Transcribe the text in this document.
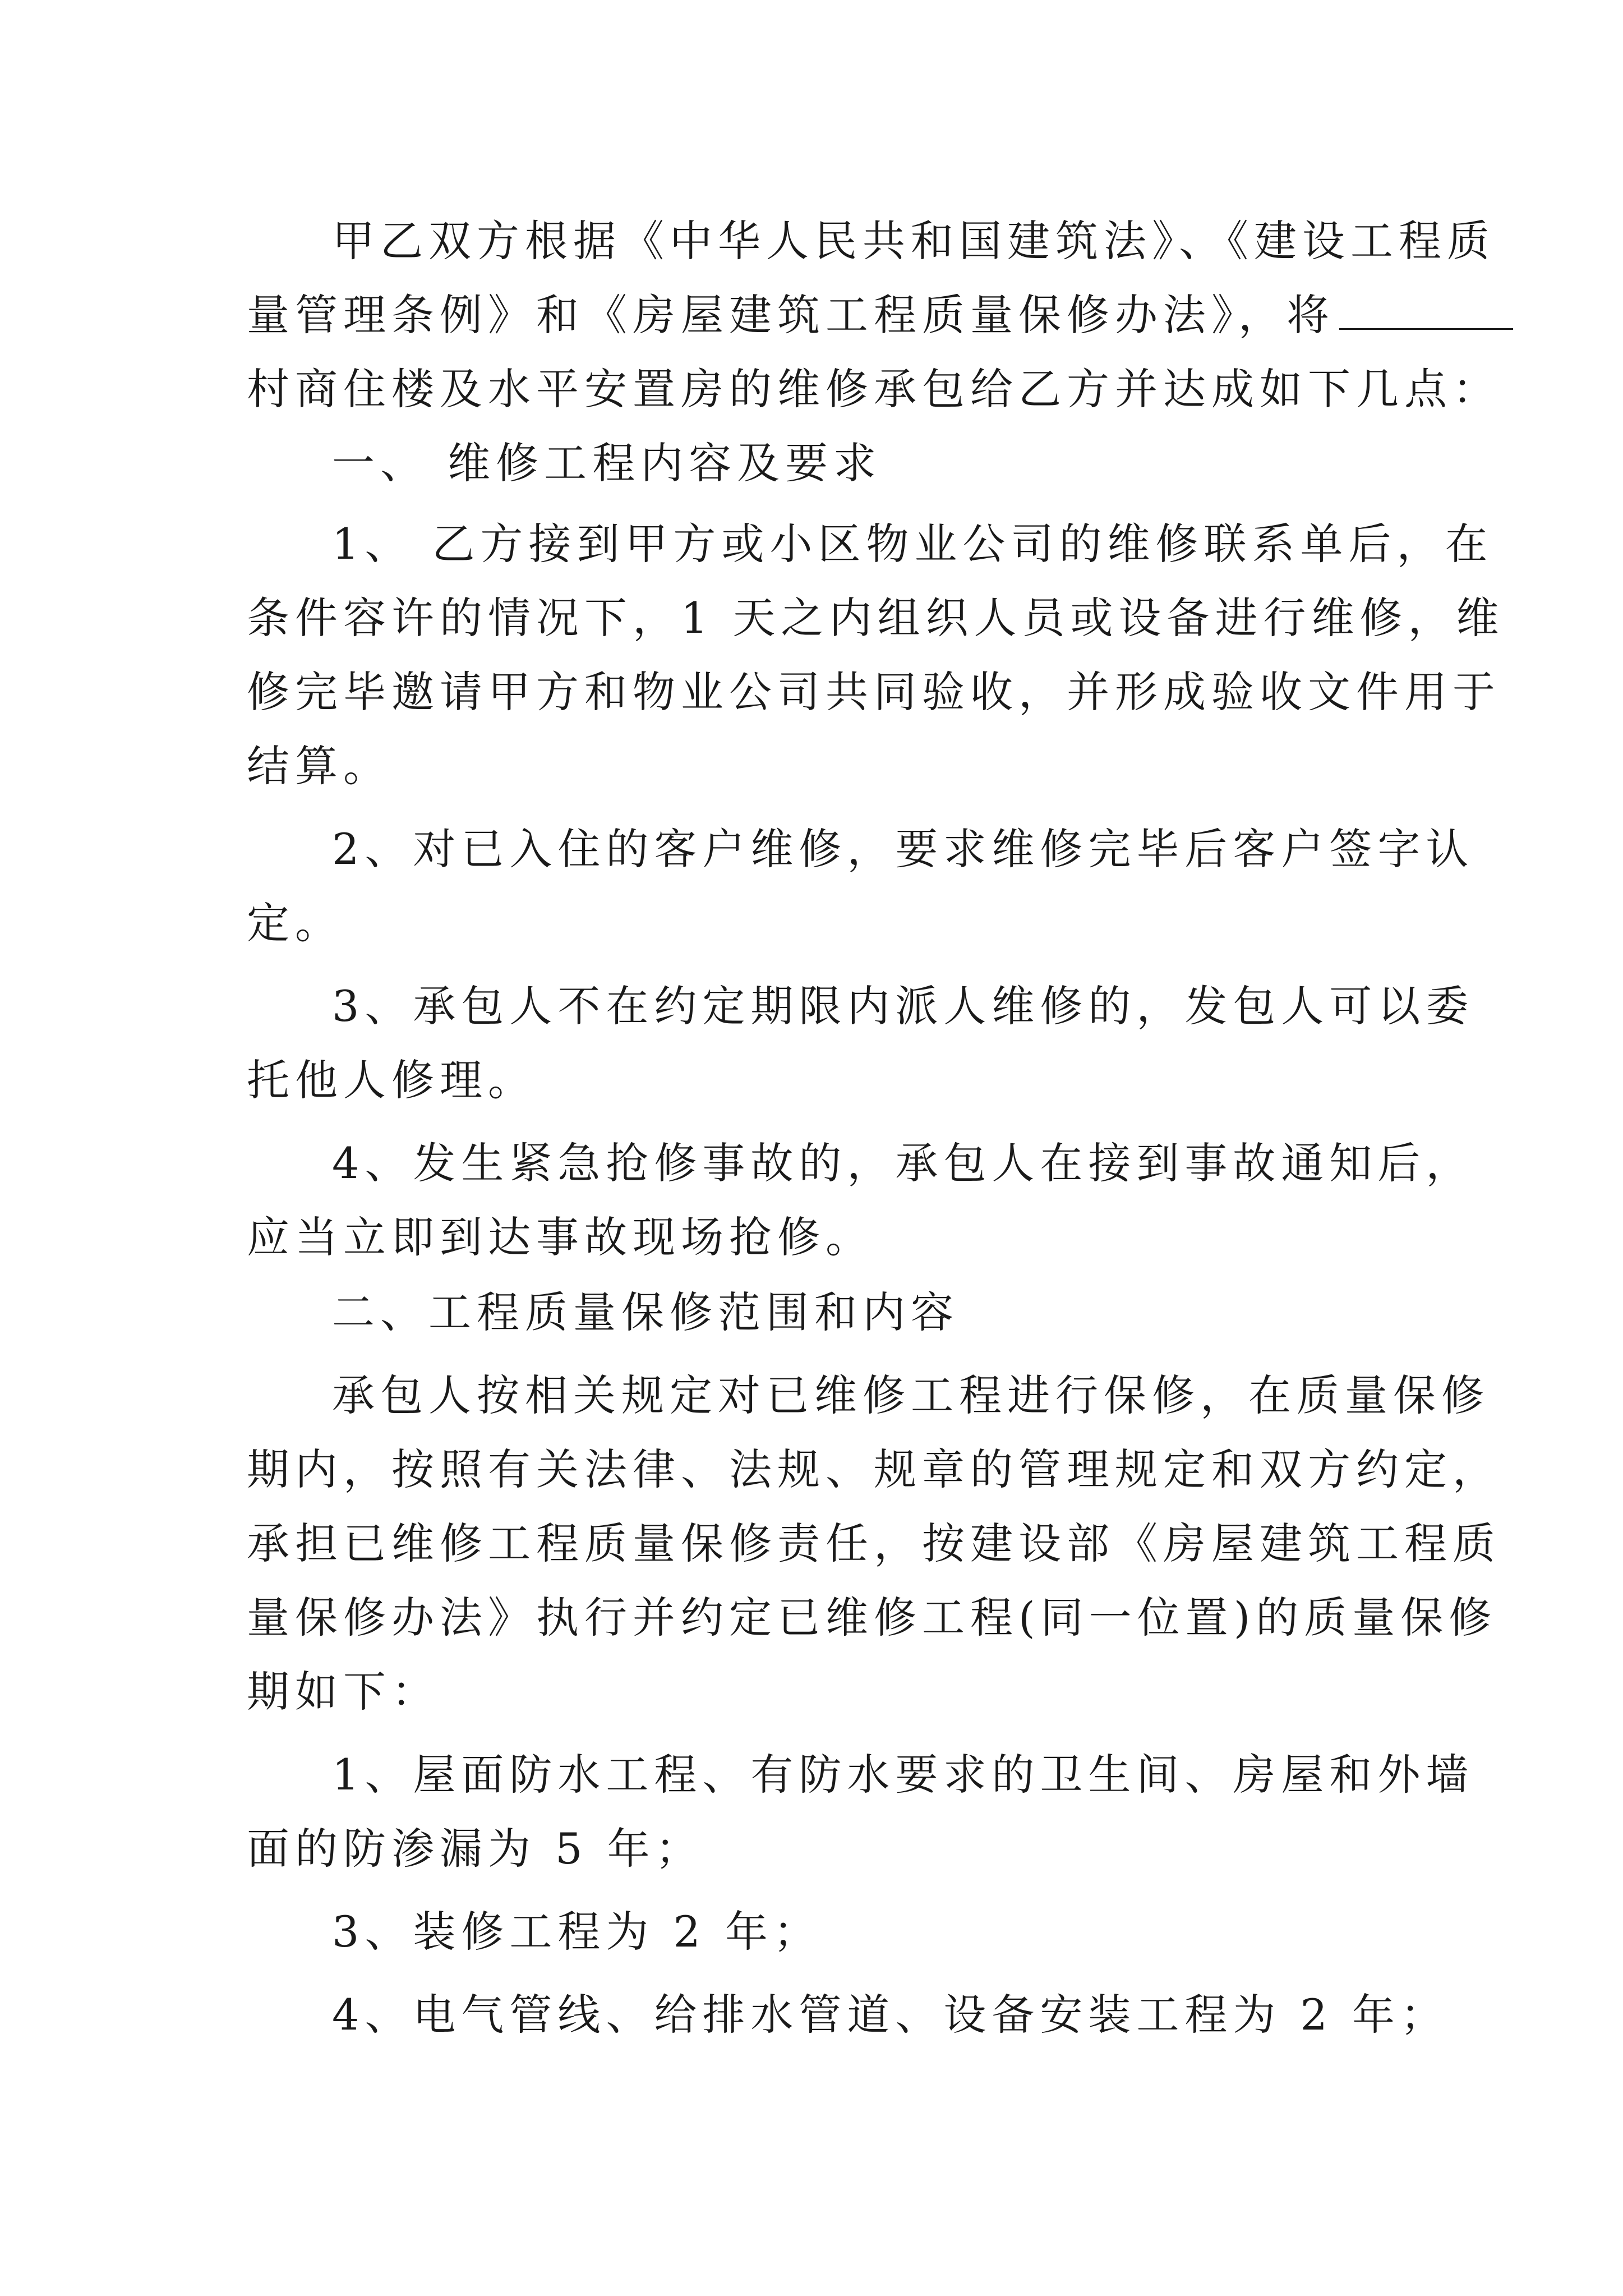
甲乙双方根据《中华人民共和国建筑法》、《建设工程质
量管理条例》和《房屋建筑工程质量保修办法》，将
村商住楼及水平安置房的维修承包给乙方并达成如下几点：
一、 维修工程内容及要求
1、 乙方接到甲方或小区物业公司的维修联系单后，在
条件容许的情况下，1 天之内组织人员或设备进行维修，维
修完毕邀请甲方和物业公司共同验收，并形成验收文件用于
结算。
2、对已入住的客户维修，要求维修完毕后客户签字认
定。
3、承包人不在约定期限内派人维修的，发包人可以委
托他人修理。
4、发生紧急抢修事故的，承包人在接到事故通知后，
应当立即到达事故现场抢修。
二、工程质量保修范围和内容
承包人按相关规定对已维修工程进行保修，在质量保修
期内，按照有关法律、法规、规章的管理规定和双方约定，
承担已维修工程质量保修责任，按建设部《房屋建筑工程质
量保修办法》执行并约定已维修工程(同一位置)的质量保修
期如下：
1、屋面防水工程、有防水要求的卫生间、房屋和外墙
面的防渗漏为 5 年；
3、装修工程为 2 年；
4、电气管线、给排水管道、设备安装工程为 2 年；
